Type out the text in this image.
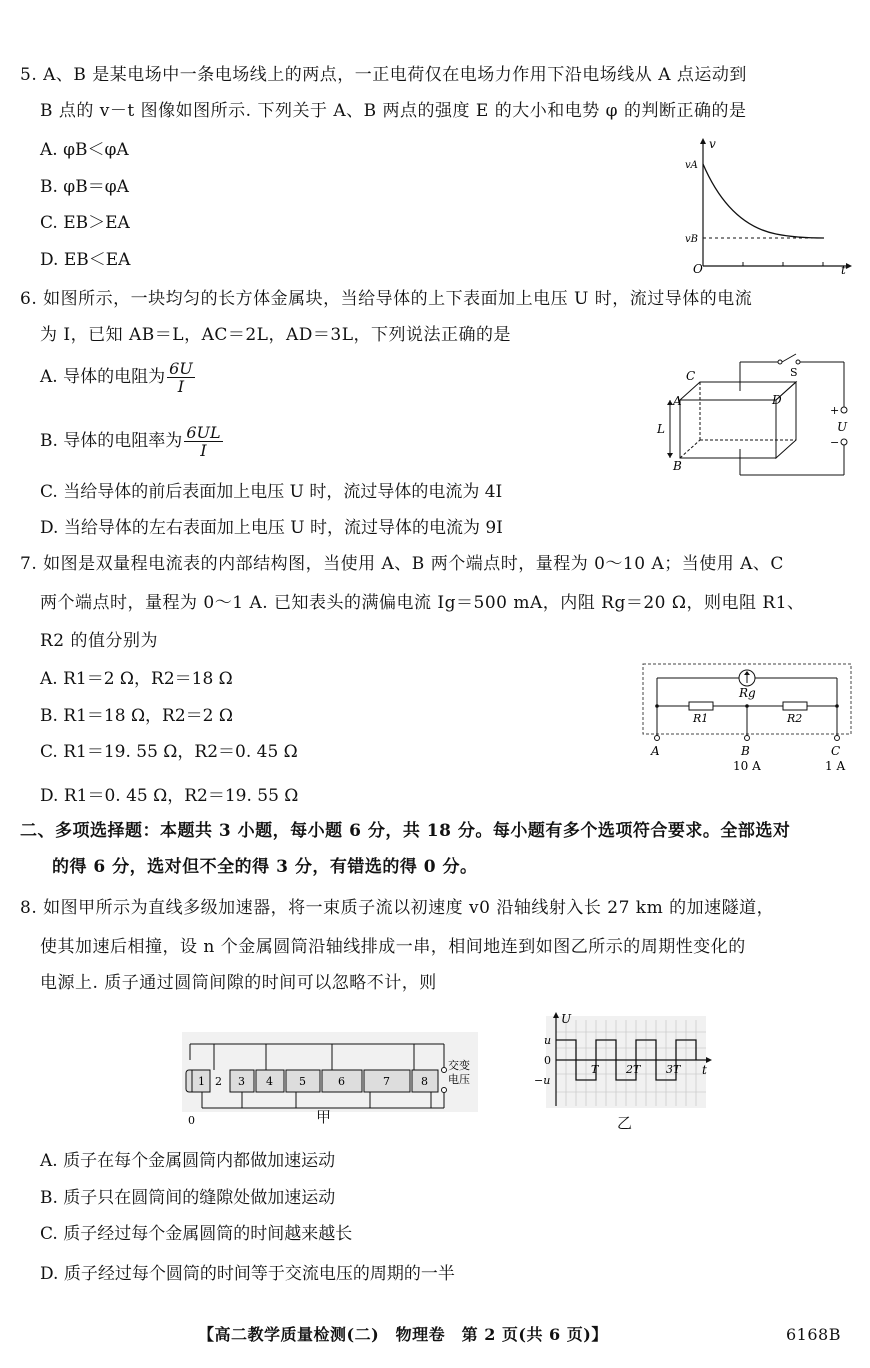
5. A、B 是某电场中一条电场线上的两点，一正电荷仅在电场力作用下沿电场线从 A 点运动到
B 点的 v－t 图像如图所示. 下列关于 A、B 两点的强度 E 的大小和电势 φ 的判断正确的是
A. φB＜φA
B. φB＝φA
C. EB＞EA
D. EB＜EA
v
vA
vB
O	t
6. 如图所示，一块均匀的长方体金属块，当给导体的上下表面加上电压 U 时，流过导体的电流
为 I，已知 AB＝L，AC＝2L，AD＝3L，下列说法正确的是
A. 导体的电阻为 $\frac{6U}{I}$
B. 导体的电阻率为 $\frac{6UL}{I}$
C. 当给导体的前后表面加上电压 U 时，流过导体的电流为 4I
D. 当给导体的左右表面加上电压 U 时，流过导体的电流为 9I
C
A	D
B
L
S
+
U
−
7. 如图是双量程电流表的内部结构图，当使用 A、B 两个端点时，量程为 0～10 A；当使用 A、C
两个端点时，量程为 0～1 A. 已知表头的满偏电流 Ig＝500 mA，内阻 Rg＝20 Ω，则电阻 R1、
R2 的值分别为
A. R1＝2 Ω，R2＝18 Ω
B. R1＝18 Ω，R2＝2 Ω
C. R1＝19. 55 Ω，R2＝0. 45 Ω
D. R1＝0. 45 Ω，R2＝19. 55 Ω
Rg
R1	R2
A	B	C
10 A	1 A
二、多项选择题：本题共 3 小题，每小题 6 分，共 18 分。每小题有多个选项符合要求。全部选对
的得 6 分，选对但不全的得 3 分，有错选的得 0 分。
8. 如图甲所示为直线多级加速器，将一束质子流以初速度 v0 沿轴线射入长 27 km 的加速隧道，
使其加速后相撞，设 n 个金属圆筒沿轴线排成一串，相间地连到如图乙所示的周期性变化的
电源上. 质子通过圆筒间隙的时间可以忽略不计，则
0
1 2 3 4 5	6	7	8
交变
电压
甲
U
u
0
−u
T	2T 3T t
乙
A. 质子在每个金属圆筒内都做加速运动
B. 质子只在圆筒间的缝隙处做加速运动
C. 质子经过每个金属圆筒的时间越来越长
D. 质子经过每个圆筒的时间等于交流电压的周期的一半
【高二教学质量检测(二)　物理卷　第 2 页(共 6 页)】	6168B
